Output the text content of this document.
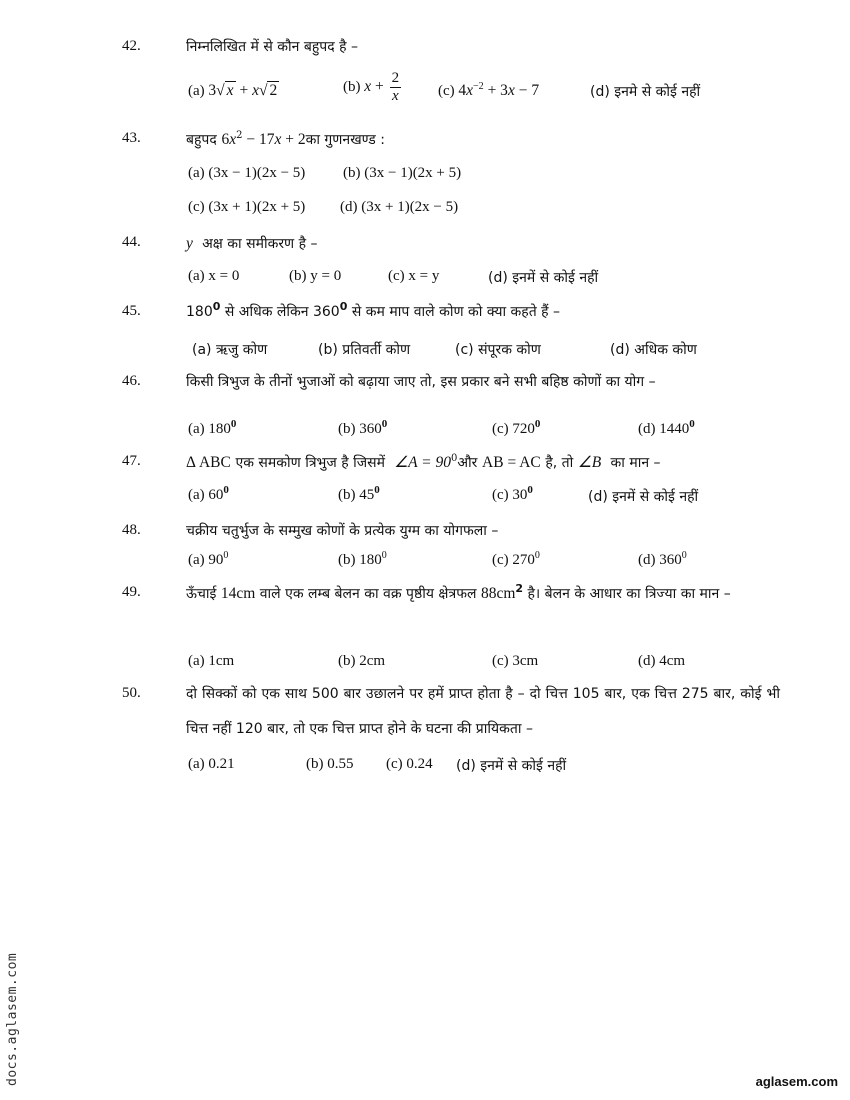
42.	निम्नलिखित में से कौन बहुपद है –
(a) 3√ x + x√ 2	(b) $x + \frac{2}{x} (c) 4x^{-2} + 3x - 7$	(d) इनमे से कोई नहीं
43.	बहुपद $6x^2 - 17x$ + 2का गुणनखण्ड :
(a) (3x − 1)(2x − 5)	(b) (3x − 1)(2x + 5)
(c) (3x + 1)(2x + 5) (d) (3x + 1)(2x − 5)
44.	y अक्ष का समीकरण है –
(a) x = 0	(b) y = 0	(c) x = y	(d) इनमें से कोई नहीं
45.	$180^0$ से अधिक लेकिन $360^0$ से कम माप वाले कोण को क्या कहते हैं –
(a) ऋजु कोण	(b) प्रतिवर्ती कोण	(c) संपूरक कोण	(d) अधिक कोण
46.	किसी त्रिभुज के तीनों भुजाओं को बढ़ाया जाए तो, इस प्रकार बने सभी बहिष्ठ कोणों का योग –
(a) $180^0$	(b) $360^0$	(c) $720^0$	(d) 1440$^0$
47.	Δ ABC एक समकोण त्रिभुज है जिसमें ∠A = $90^0और$ AB = AC है, तो ∠B का मान –
(a) $60^0$	(b) $45^0$	(c) $30^0$	(d) इनमें से कोई नहीं
48.	चक्रीय चतुर्भुज के सम्मुख कोणों के प्रत्येक युग्म का योगफला –
(a) $90^0$	(b) $180^0$	(c) $270^0$	(d) $360^0$
49.	ऊँचाई 14cm वाले एक लम्ब बेलन का वक्र पृष्ठीय क्षेत्रफल $88cm^2$ है। बेलन के आधार का त्रिज्या का मान –
(a) 1cm	(b) 2cm	(c) 3cm	(d) 4cm
50.	दो सिक्कों को एक साथ 500 बार उछालने पर हमें प्राप्त होता है – दो चित्त 105 बार, एक चित्त 275 बार, कोई भी चित्त नहीं 120 बार, तो एक चित्त प्राप्त होने के घटना की प्रायिकता –
(a) 0.21	(b) 0.55 (c) 0.24 (d) इनमें से कोई नहीं
docs.aglasem.com	aglasem.com
